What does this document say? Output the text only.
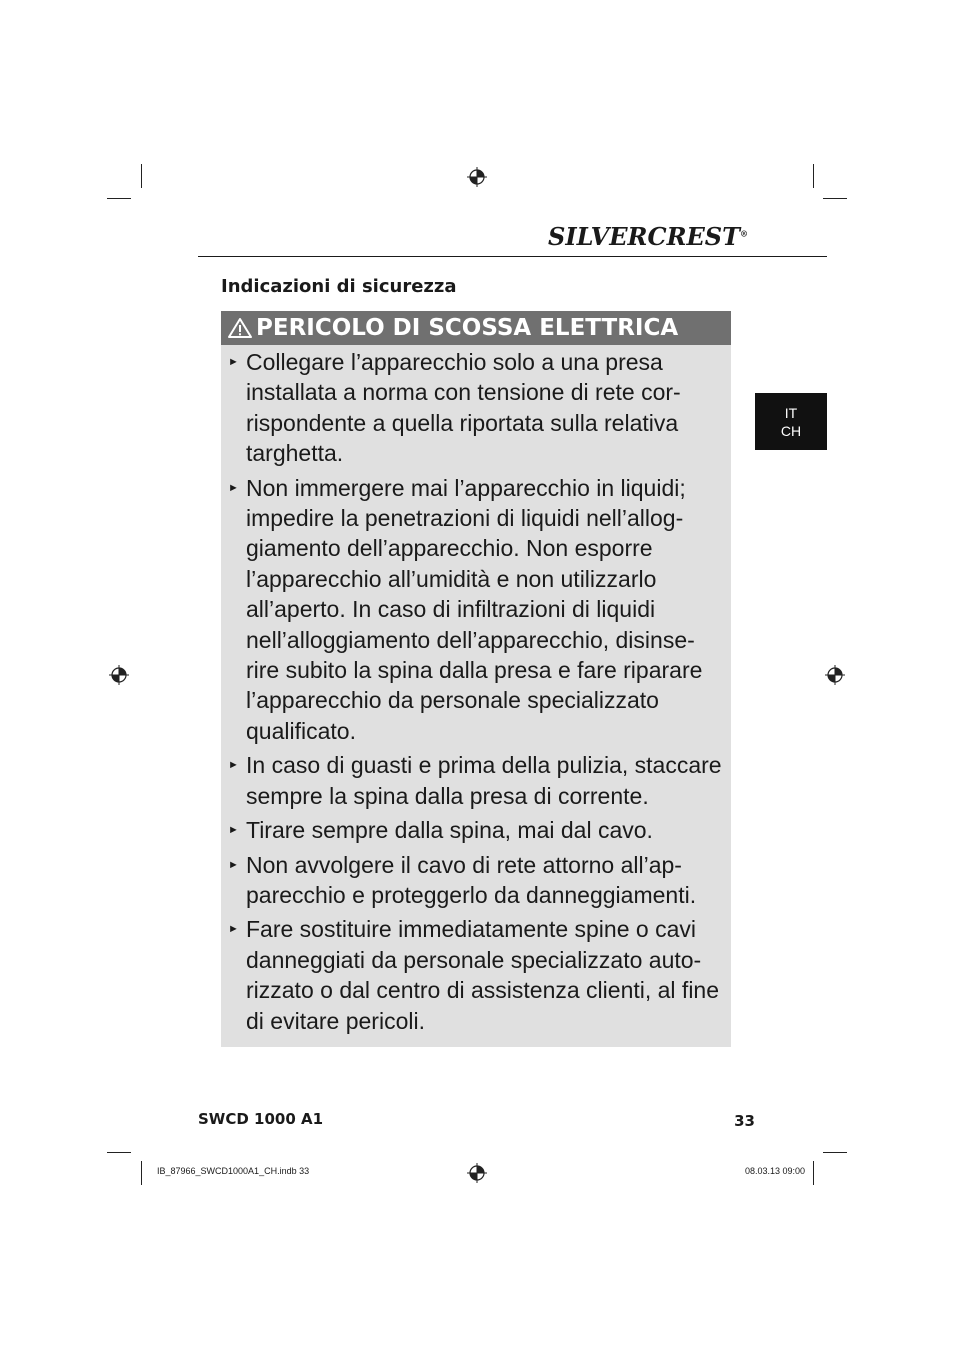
SILVERCREST®
Indicazioni di sicurezza
PERICOLO DI SCOSSA ELETTRICA
► Collegare l’apparecchio solo a una presa
installata a norma con tensione di rete cor-
rispondente a quella riportata sulla relativa
targhetta.
► Non immergere mai l’apparecchio in liquidi;
impedire la penetrazioni di liquidi nell’allog-
giamento dell’apparecchio. Non esporre
l’apparecchio all’umidità e non utilizzarlo
all’aperto. In caso di infiltrazioni di liquidi
nell’alloggiamento dell’apparecchio, disinse-
rire subito la spina dalla presa e fare riparare
l’apparecchio da personale specializzato
qualificato.
► In caso di guasti e prima della pulizia, staccare
sempre la spina dalla presa di corrente.
► Tirare sempre dalla spina, mai dal cavo.
► Non avvolgere il cavo di rete attorno all’ap-
parecchio e proteggerlo da danneggiamenti.
► Fare sostituire immediatamente spine o cavi
danneggiati da personale specializzato auto-
rizzato o dal centro di assistenza clienti, al fine
di evitare pericoli.
IT
CH
SWCD 1000 A1	33
IB_87966_SWCD1000A1_CH.indb 33	08.03.13 09:00
